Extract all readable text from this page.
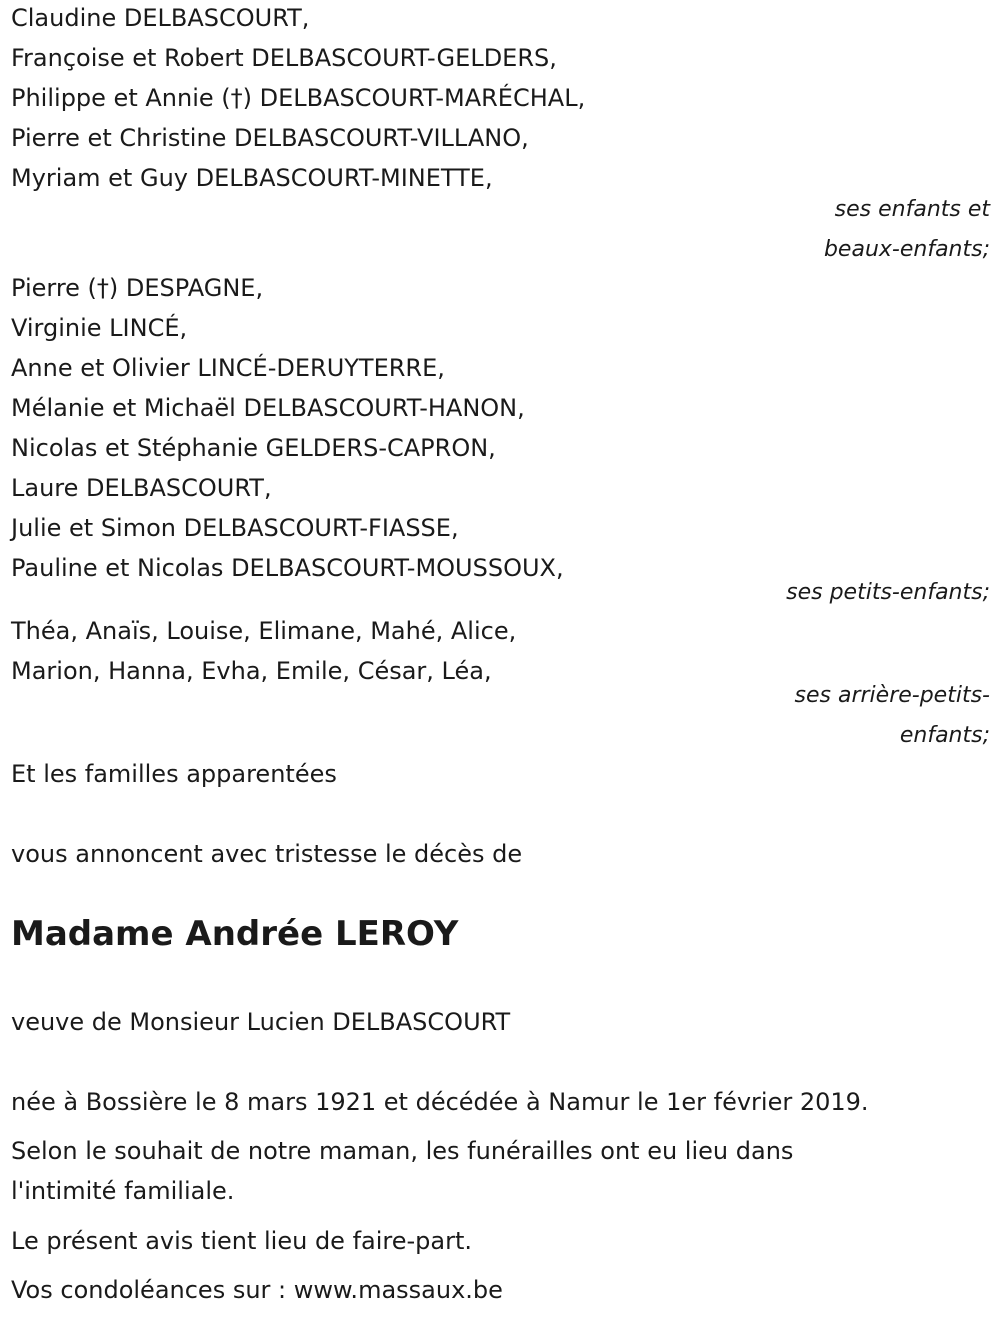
Claudine DELBASCOURT,
Françoise et Robert DELBASCOURT-GELDERS,
Philippe et Annie (†) DELBASCOURT-MARÉCHAL,
Pierre et Christine DELBASCOURT-VILLANO,
Myriam et Guy DELBASCOURT-MINETTE,
ses enfants et
beaux-enfants;
Pierre (†) DESPAGNE,
Virginie LINCÉ,
Anne et Olivier LINCÉ-DERUYTERRE,
Mélanie et Michaël DELBASCOURT-HANON,
Nicolas et Stéphanie GELDERS-CAPRON,
Laure DELBASCOURT,
Julie et Simon DELBASCOURT-FIASSE,
Pauline et Nicolas DELBASCOURT-MOUSSOUX,
ses petits-enfants;
Théa, Anaïs, Louise, Elimane, Mahé, Alice,
Marion, Hanna, Evha, Emile, César, Léa,
ses arrière-petits-
enfants;
Et les familles apparentées
vous annoncent avec tristesse le décès de
Madame Andrée LEROY
veuve de Monsieur Lucien DELBASCOURT
née à Bossière le 8 mars 1921 et décédée à Namur le 1er février 2019.
Selon le souhait de notre maman, les funérailles ont eu lieu dans
l'intimité familiale.
Le présent avis tient lieu de faire-part.
Vos condoléances sur : www.massaux.be
